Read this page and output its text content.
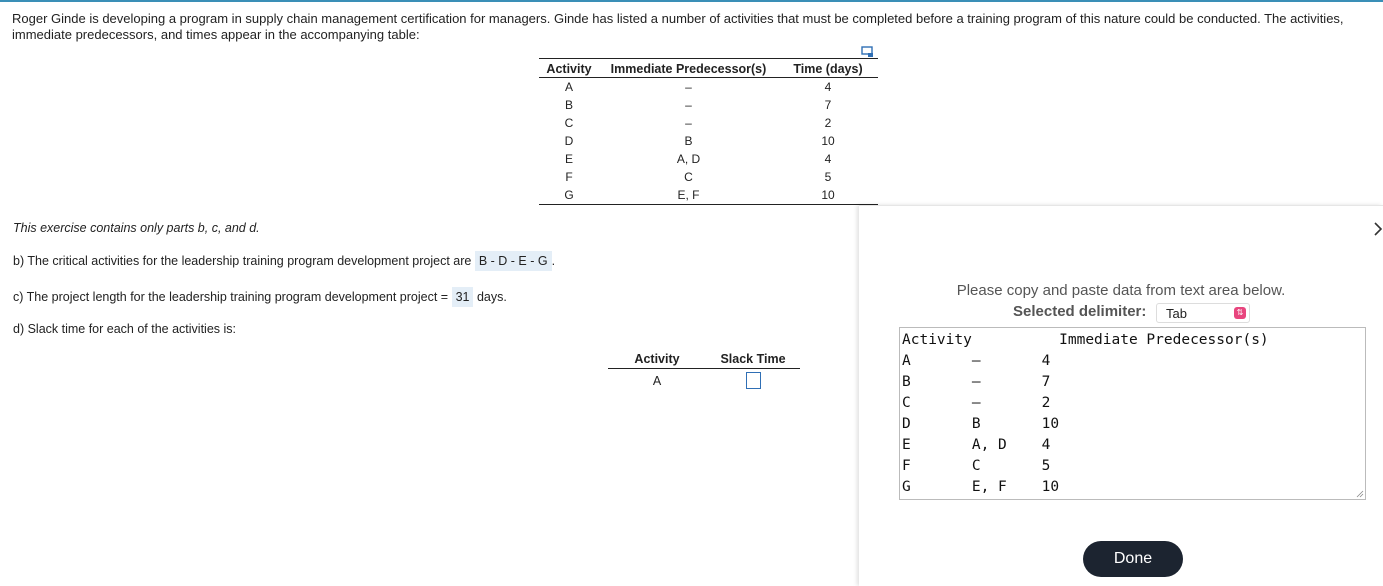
Roger Ginde is developing a program in supply chain management certification for managers. Ginde has listed a number of activities that must be completed before a training program of this nature could be conducted. The activities, immediate predecessors, and times appear in the accompanying table:
Activity	Immediate Predecessor(s)	Time (days)
A	–	4
B	–	7
C	–	2
D	B	10
E	A, D	4
F	C	5
G	E, F	10
This exercise contains only parts b, c, and d.
b) The critical activities for the leadership training program development project are B - D - E - G .
c) The project length for the leadership training program development project = 31 days.
d) Slack time for each of the activities is:
Activity	Slack Time
A	
Please copy and paste data from text area below.
Selected delimiter:	Tab	⇅
Activity          Immediate Predecessor(s)
A       –       4
B       –       7
C       –       2
D       B       10
E       A, D    4
F       C       5
G       E, F    10
Done
